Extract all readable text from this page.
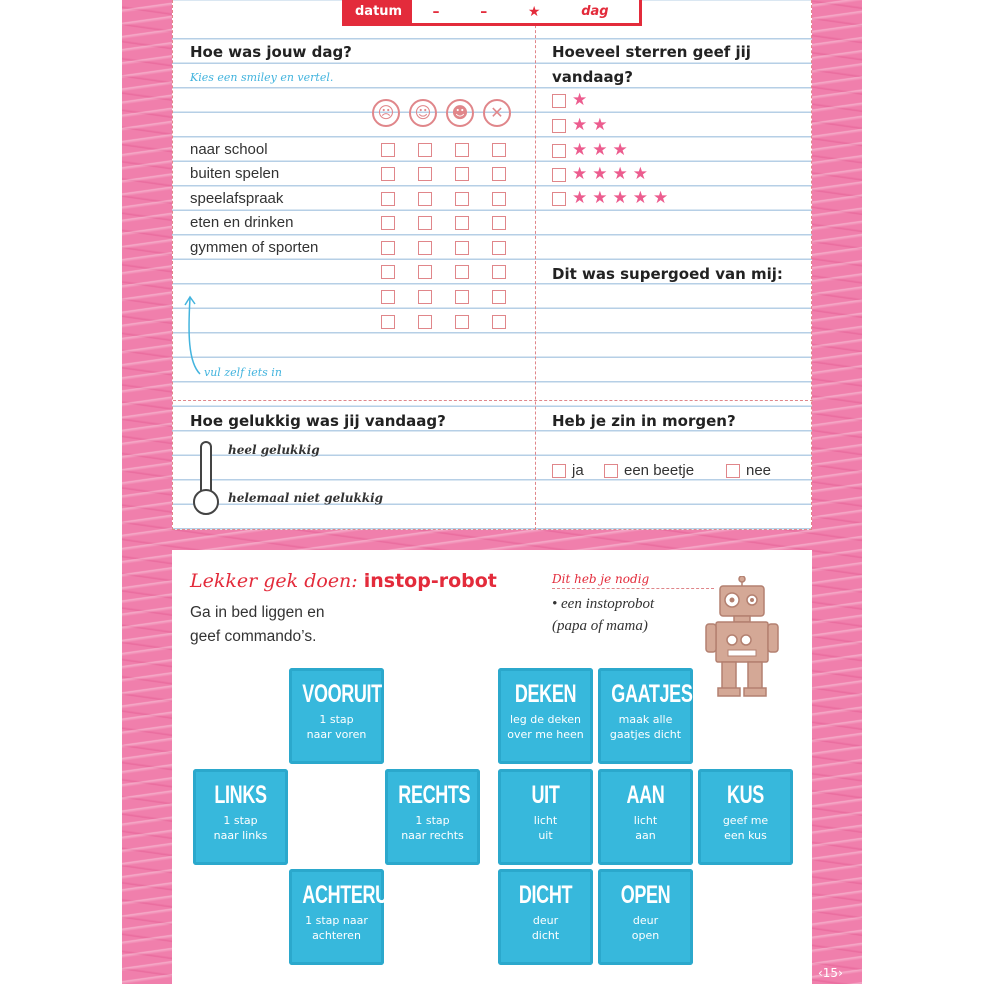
datum	–	–	★	dag
Hoe was jouw dag?
Kies een smiley en vertel.
☹	☺	☻	✕
naar school
buiten spelen
speelafspraak
eten en drinken
gymmen of sporten
vul zelf iets in
Hoeveel sterren geef jij
vandaag?
★
★ ★
★ ★ ★
★ ★ ★ ★
★ ★ ★ ★ ★
Dit was supergoed van mij:
Hoe gelukkig was jij vandaag?
heel gelukkig
helemaal niet gelukkig
Heb je zin in morgen?
ja	een beetje	nee
Lekker gek doen: instop-robot
Ga in bed liggen en
geef commando’s.
Dit heb je nodig
• een instoprobot
(papa of mama)
VOORUIT
1 stap
naar voren
LINKS
1 stap
naar links
RECHTS
1 stap
naar rechts
ACHTERUIT
1 stap naar
achteren
DEKEN
leg de deken
over me heen
GAATJES
maak alle
gaatjes dicht
UIT
licht
uit
AAN
licht
aan
KUS
geef me
een kus
DICHT
deur
dicht
OPEN
deur
open
‹15›
